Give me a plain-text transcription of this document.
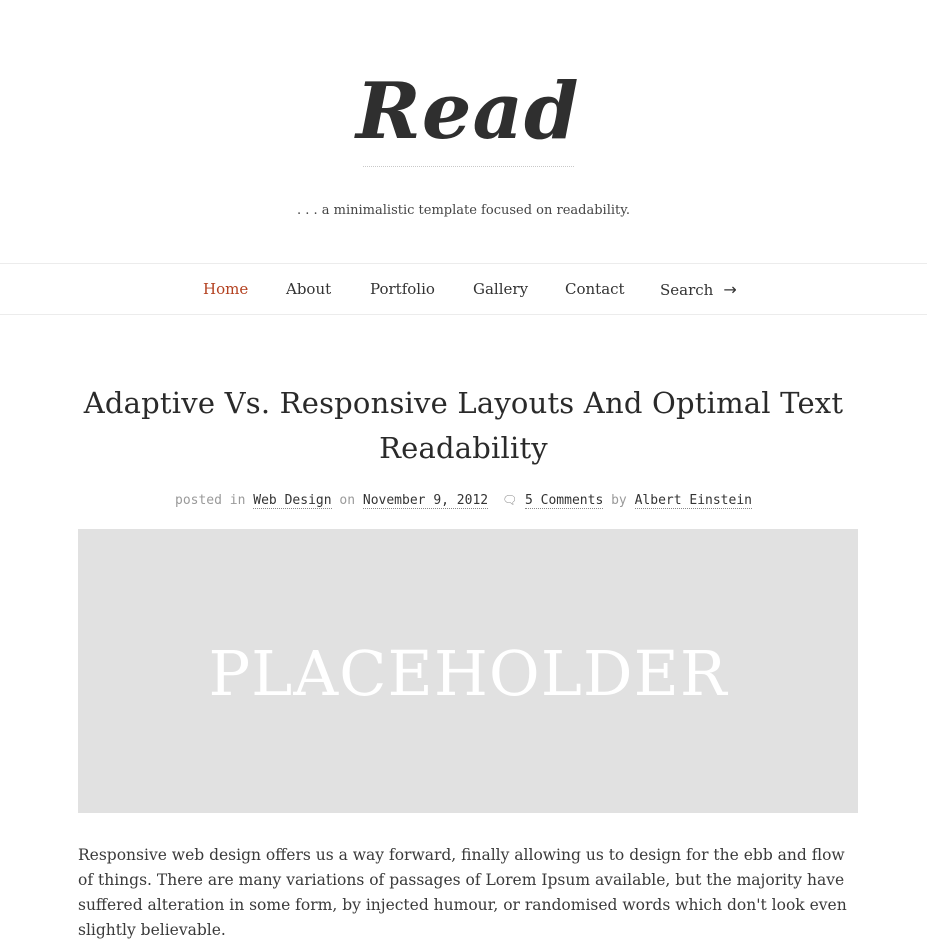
Read
. . . a minimalistic template focused on readability.
Home	About	Portfolio	Gallery Contact Search →
Adaptive Vs. Responsive Layouts And Optimal Text Readability
posted in Web Design on November 9, 2012 🗨 5 Comments by Albert Einstein
PLACEHOLDER

Responsive web design offers us a way forward, finally allowing us to design for the ebb and flow of things. There are many variations of passages of Lorem Ipsum available, but the majority have suffered alteration in some form, by injected humour, or randomised words which don't look even slightly believable.
